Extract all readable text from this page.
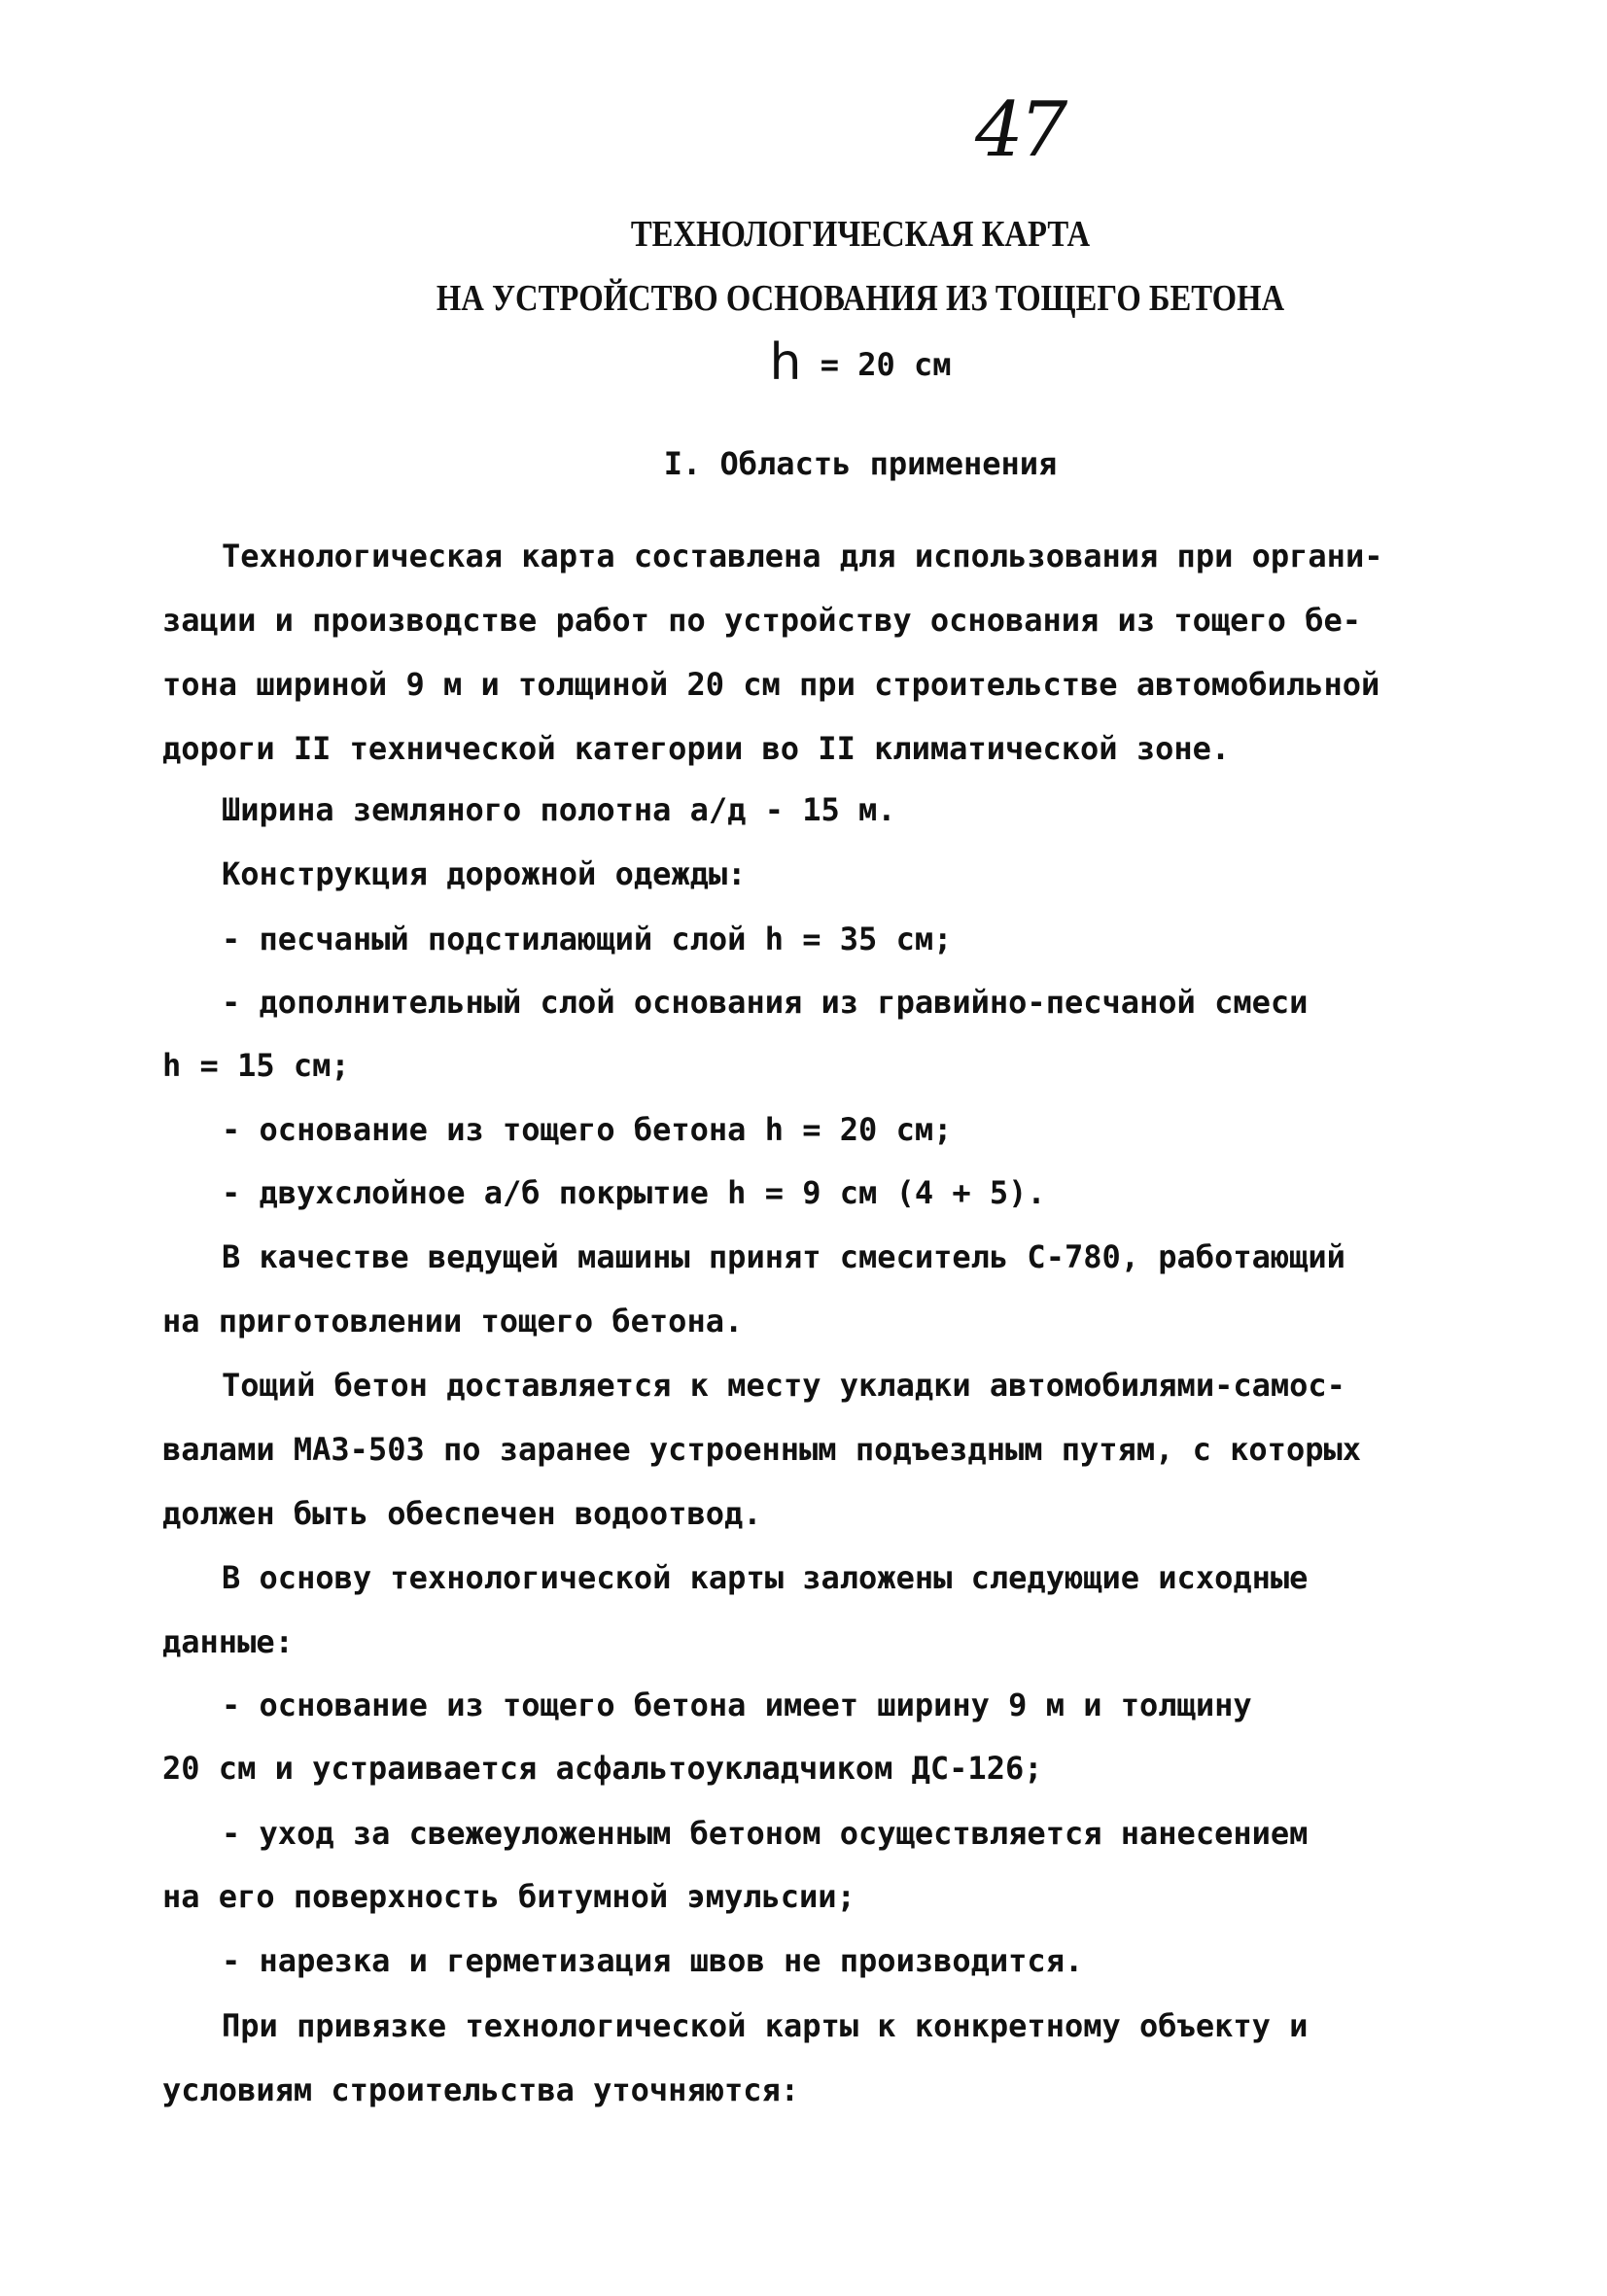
47
ТЕХНОЛОГИЧЕСКАЯ КАРТА
НА УСТРОЙСТВО ОСНОВАНИЯ ИЗ ТОЩЕГО БЕТОНА
h = 20 см
I. Область применения
Технологическая карта составлена для использования при органи-
зации и производстве работ по устройству основания из тощего бе-
тона шириной 9 м и толщиной 20 см при строительстве автомобильной
дороги II технической категории во II климатической зоне.
Ширина земляного полотна а/д - 15 м.
Конструкция дорожной одежды:
- песчаный подстилающий слой h = 35 см;
- дополнительный слой основания из гравийно-песчаной смеси
h = 15 см;
- основание из тощего бетона h = 20 см;
- двухслойное а/б покрытие h = 9 см (4 + 5).
В качестве ведущей машины принят смеситель С-780, работающий
на приготовлении тощего бетона.
Тощий бетон доставляется к месту укладки автомобилями-самос-
валами МАЗ-503 по заранее устроенным подъездным путям, с которых
должен быть обеспечен водоотвод.
В основу технологической карты заложены следующие исходные
данные:
- основание из тощего бетона имеет ширину 9 м и толщину
20 см и устраивается асфальтоукладчиком ДС-126;
- уход за свежеуложенным бетоном осуществляется нанесением
на его поверхность битумной эмульсии;
- нарезка и герметизация швов не производится.
При привязке технологической карты к конкретному объекту и
условиям строительства уточняются:
